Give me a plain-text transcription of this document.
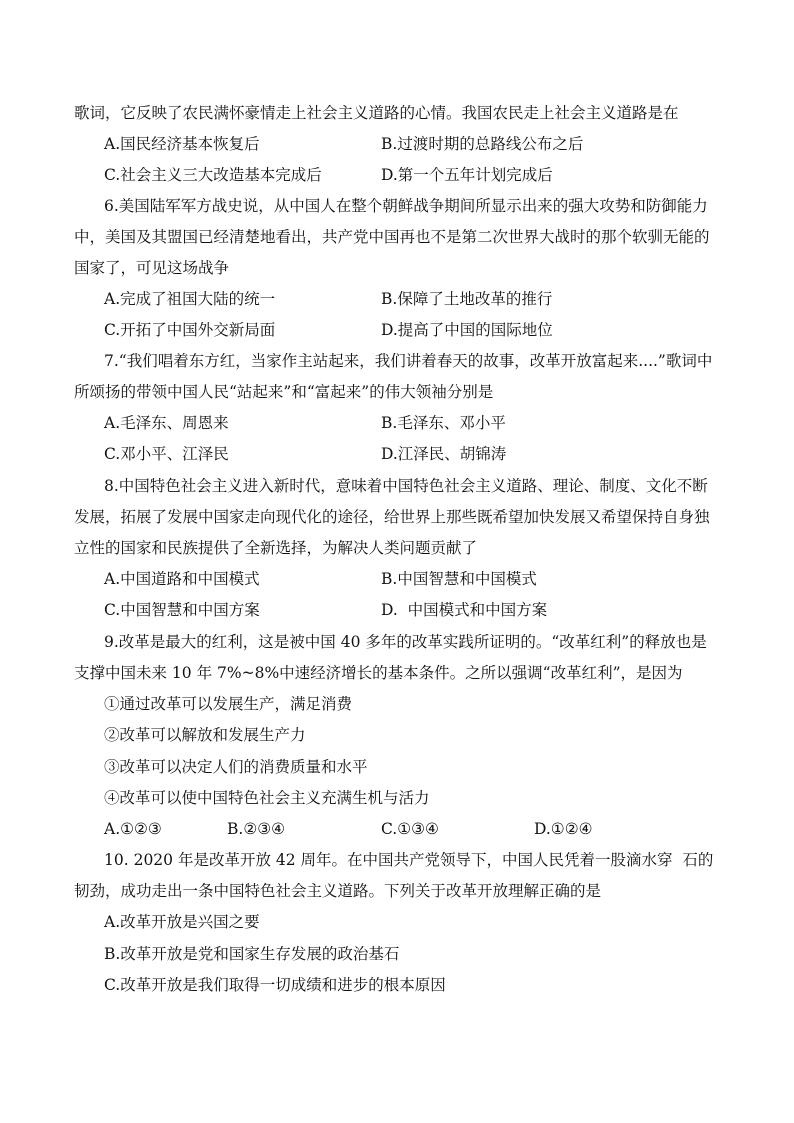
歌词，它反映了农民满怀豪情走上社会主义道路的心情。我国农民走上社会主义道路是在
A.国民经济基本恢复后	B.过渡时期的总路线公布之后
C.社会主义三大改造基本完成后	D.第一个五年计划完成后
6.美国陆军军方战史说，从中国人在整个朝鲜战争期间所显示出来的强大攻势和防御能力
中，美国及其盟国已经清楚地看出，共产党中国再也不是第二次世界大战时的那个软驯无能的
国家了，可见这场战争
A.完成了祖国大陆的统一	B.保障了土地改革的推行
C.开拓了中国外交新局面	D.提高了中国的国际地位
7.“我们唱着东方红，当家作主站起来，我们讲着春天的故事，改革开放富起来....”歌词中
所颂扬的带领中国人民“站起来”和“富起来”的伟大领袖分别是
A.毛泽东、周恩来	B.毛泽东、邓小平
C.邓小平、江泽民	D.江泽民、胡锦涛
8.中国特色社会主义进入新时代，意味着中国特色社会主义道路、理论、制度、文化不断
发展，拓展了发展中国家走向现代化的途径，给世界上那些既希望加快发展又希望保持自身独
立性的国家和民族提供了全新选择，为解决人类问题贡献了
A.中国道路和中国模式	B.中国智慧和中国模式
C.中国智慧和中国方案	D.  中国模式和中国方案
9.改革是最大的红利，这是被中国 40 多年的改革实践所证明的。“改革红利”的释放也是
支撑中国未来 10 年 7%~8%中速经济增长的基本条件。之所以强调“改革红利”，是因为
①通过改革可以发展生产，满足消费
②改革可以解放和发展生产力
③改革可以决定人们的消费质量和水平
④改革可以使中国特色社会主义充满生机与活力
A.①②③	B.②③④	C.①③④	D.①②④
10. 2020 年是改革开放 42 周年。在中国共产党领导下，中国人民凭着一股滴水穿  石的
韧劲，成功走出一条中国特色社会主义道路。下列关于改革开放理解正确的是
A.改革开放是兴国之要
B.改革开放是党和国家生存发展的政治基石
C.改革开放是我们取得一切成绩和进步的根本原因
